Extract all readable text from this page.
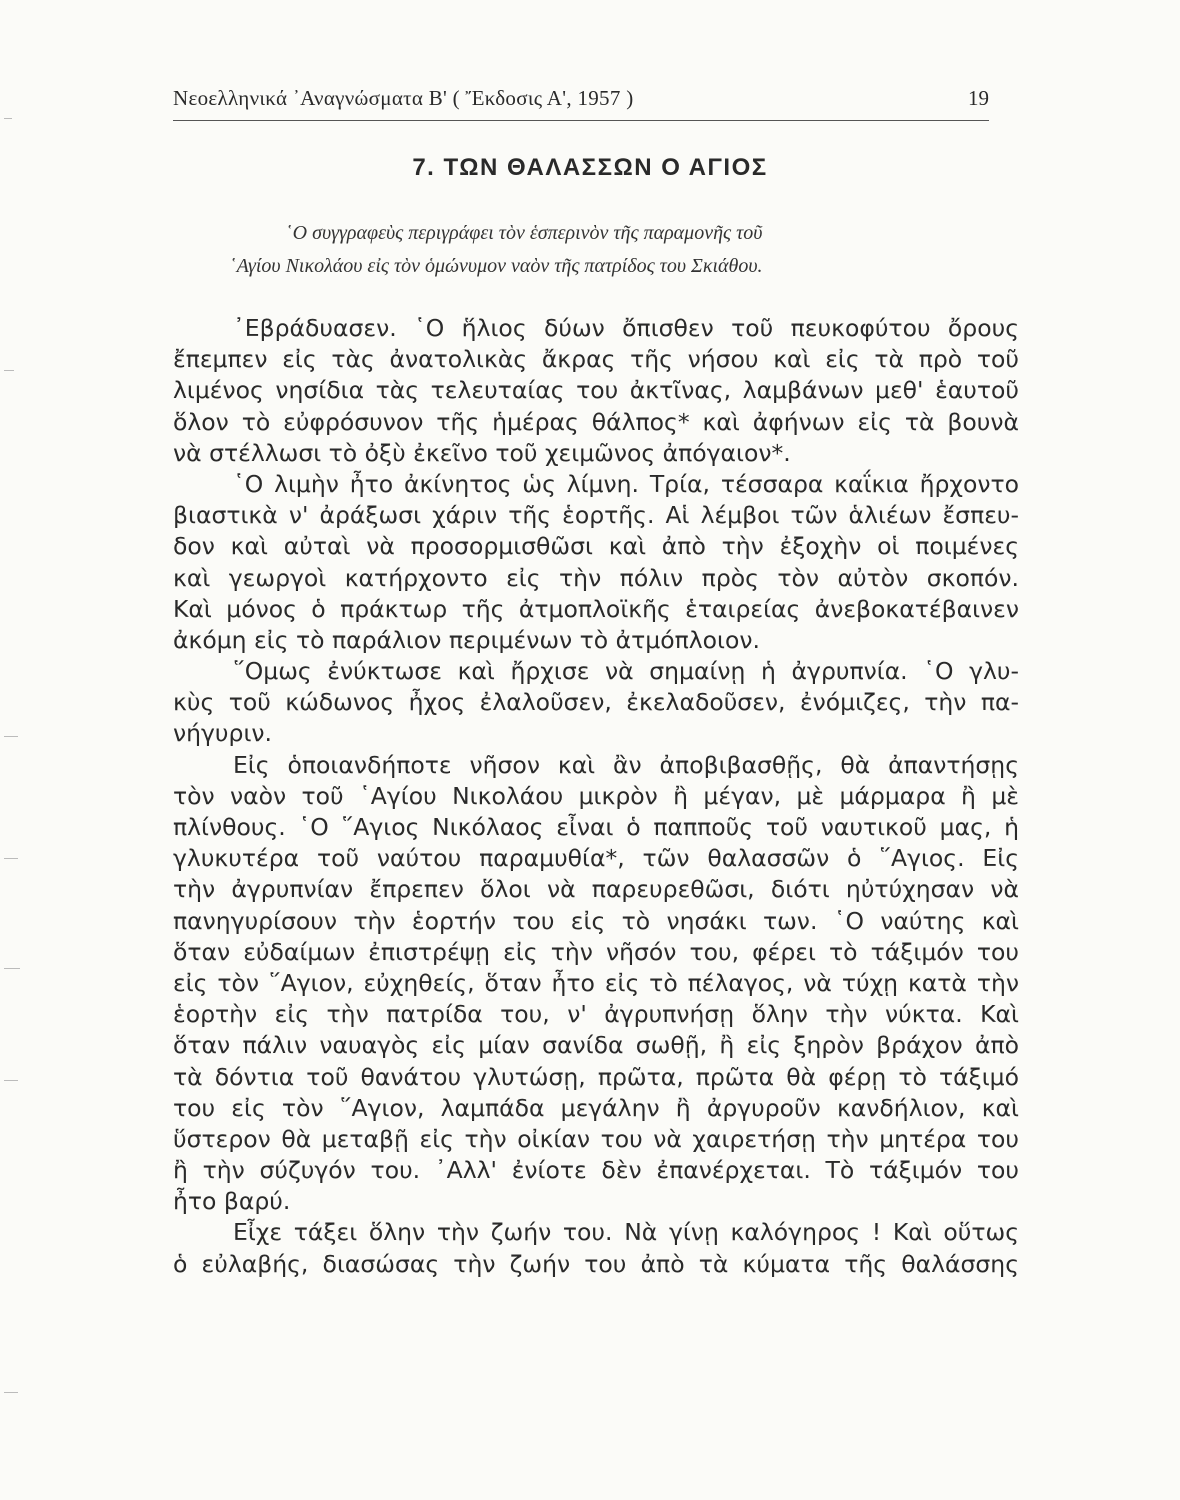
Νεοελληνικά ᾿Αναγνώσματα Β' ( Ἔκδοσις Α', 1957 )	19
7. ΤΩΝ ΘΑΛΑΣΣΩΝ Ο ΑΓΙΟΣ
῾Ο συγγραφεὺς περιγράφει τὸν ἑσπερινὸν τῆς παραμονῆς τοῦ
῾Αγίου Νικολάου εἰς τὸν ὁμώνυμον ναὸν τῆς πατρίδος του Σκιάθου.
᾿Εβράδυασεν. ῾Ο ἥλιος δύων ὄπισθεν τοῦ πευκοφύτου ὄρους
ἔπεμπεν εἰς τὰς ἀνατολικὰς ἄκρας τῆς νήσου καὶ εἰς τὰ πρὸ τοῦ
λιμένος νησίδια τὰς τελευταίας του ἀκτῖνας, λαμβάνων μεθ' ἑαυτοῦ
ὅλον τὸ εὐφρόσυνον τῆς ἡμέρας θάλπος* καὶ ἀφήνων εἰς τὰ βουνὰ
νὰ στέλλωσι τὸ ὀξὺ ἐκεῖνο τοῦ χειμῶνος ἀπόγαιον*.
῾Ο λιμὴν ἦτο ἀκίνητος ὡς λίμνη. Τρία, τέσσαρα καΐκια ἤρχοντο
βιαστικὰ ν' ἀράξωσι χάριν τῆς ἑορτῆς. Αἱ λέμβοι τῶν ἁλιέων ἔσπευ-
δον καὶ αὐταὶ νὰ προσορμισθῶσι καὶ ἀπὸ τὴν ἐξοχὴν οἱ ποιμένες
καὶ γεωργοὶ κατήρχοντο εἰς τὴν πόλιν πρὸς τὸν αὐτὸν σκοπόν.
Καὶ μόνος ὁ πράκτωρ τῆς ἀτμοπλοϊκῆς ἑταιρείας ἀνεβοκατέβαινεν
ἀκόμη εἰς τὸ παράλιον περιμένων τὸ ἀτμόπλοιον.
῞Ομως ἐνύκτωσε καὶ ἤρχισε νὰ σημαίνῃ ἡ ἀγρυπνία. ῾Ο γλυ-
κὺς τοῦ κώδωνος ἦχος ἐλαλοῦσεν, ἐκελαδοῦσεν, ἐνόμιζες, τὴν πα-
νήγυριν.
Εἰς ὁποιανδήποτε νῆσον καὶ ἂν ἀποβιβασθῇς, θὰ ἀπαντήσῃς
τὸν ναὸν τοῦ ῾Αγίου Νικολάου μικρὸν ἢ μέγαν, μὲ μάρμαρα ἢ μὲ
πλίνθους. ῾Ο ῞Αγιος Νικόλαος εἶναι ὁ παπποῦς τοῦ ναυτικοῦ μας, ἡ
γλυκυτέρα τοῦ ναύτου παραμυθία*, τῶν θαλασσῶν ὁ ῞Αγιος. Εἰς
τὴν ἀγρυπνίαν ἔπρεπεν ὅλοι νὰ παρευρεθῶσι, διότι ηὐτύχησαν νὰ
πανηγυρίσουν τὴν ἑορτήν του εἰς τὸ νησάκι των. ῾Ο ναύτης καὶ
ὅταν εὐδαίμων ἐπιστρέψῃ εἰς τὴν νῆσόν του, φέρει τὸ τάξιμόν του
εἰς τὸν ῞Αγιον, εὐχηθείς, ὅταν ἦτο εἰς τὸ πέλαγος, νὰ τύχῃ κατὰ τὴν
ἑορτὴν εἰς τὴν πατρίδα του, ν' ἀγρυπνήσῃ ὅλην τὴν νύκτα. Καὶ
ὅταν πάλιν ναυαγὸς εἰς μίαν σανίδα σωθῇ, ἢ εἰς ξηρὸν βράχον ἀπὸ
τὰ δόντια τοῦ θανάτου γλυτώσῃ, πρῶτα, πρῶτα θὰ φέρῃ τὸ τάξιμό
του εἰς τὸν ῞Αγιον, λαμπάδα μεγάλην ἢ ἀργυροῦν κανδήλιον, καὶ
ὕστερον θὰ μεταβῇ εἰς τὴν οἰκίαν του νὰ χαιρετήσῃ τὴν μητέρα του
ἢ τὴν σύζυγόν του. ᾿Αλλ' ἐνίοτε δὲν ἐπανέρχεται. Τὸ τάξιμόν του
ἦτο βαρύ.
Εἶχε τάξει ὅλην τὴν ζωήν του. Νὰ γίνῃ καλόγηρος ! Καὶ οὕτως
ὁ εὐλαβής, διασώσας τὴν ζωήν του ἀπὸ τὰ κύματα τῆς θαλάσσης
